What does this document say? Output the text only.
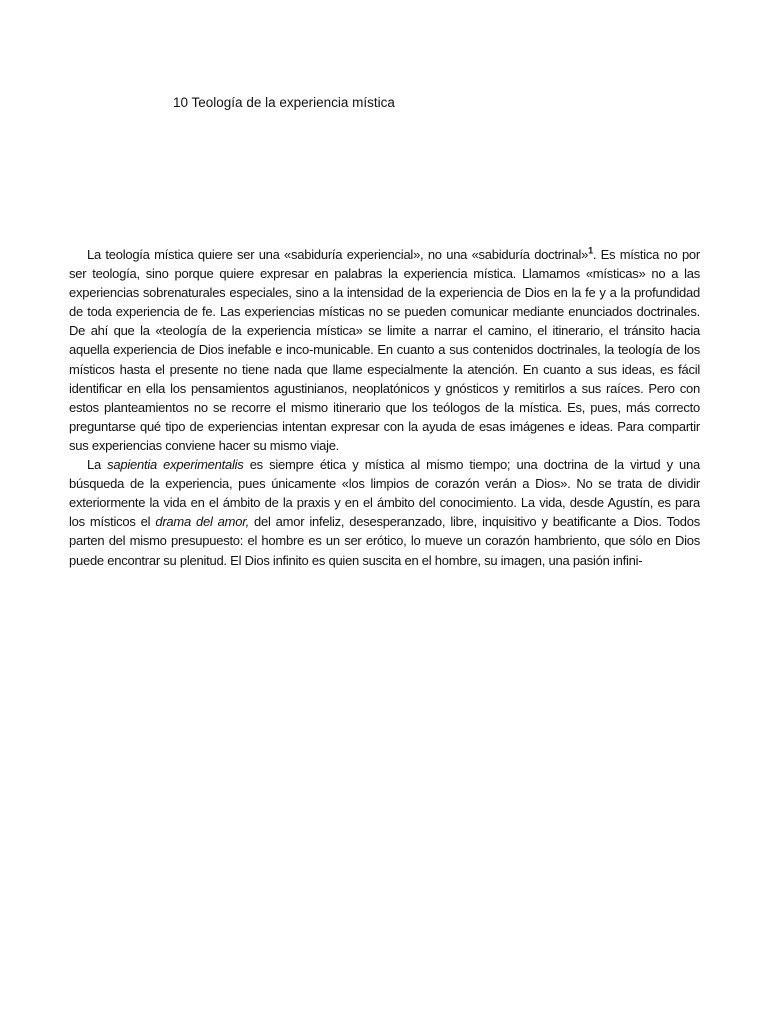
10 Teología de la experiencia mística

La teología mística quiere ser una «sabiduría experiencial», no una «sabiduría doctrinal»$^1$. Es mística no por ser teología, sino porque quiere expresar en palabras la experiencia mística. Llamamos «místicas» no a las experiencias sobrenaturales especiales, sino a la intensidad de la experiencia de Dios en la fe y a la profundidad de toda experiencia de fe. Las experiencias místicas no se pueden comunicar mediante enunciados doctrinales. De ahí que la «teología de la experiencia mística» se limite a narrar el camino, el itinerario, el tránsito hacia aquella experiencia de Dios inefable e inco-municable. En cuanto a sus contenidos doctrinales, la teología de los místicos hasta el presente no tiene nada que llame especialmente la atención. En cuanto a sus ideas, es fácil identificar en ella los pensamientos agustinianos, neoplatónicos y gnósticos y remitirlos a sus raíces. Pero con estos planteamientos no se recorre el mismo itinerario que los teólogos de la mística. Es, pues, más correcto preguntarse qué tipo de experiencias intentan expresar con la ayuda de esas imágenes e ideas. Para compartir sus experiencias conviene hacer su mismo viaje.

La sapientia experimentalis es siempre ética y mística al mismo tiempo; una doctrina de la virtud y una búsqueda de la experiencia, pues únicamente «los limpios de corazón verán a Dios». No se trata de dividir exteriormente la vida en el ámbito de la praxis y en el ámbito del conocimiento. La vida, desde Agustín, es para los místicos el drama del amor, del amor infeliz, desesperanzado, libre, inquisitivo y beatificante a Dios. Todos parten del mismo presupuesto: el hombre es un ser erótico, lo mueve un corazón hambriento, que sólo en Dios puede encontrar su plenitud. El Dios infinito es quien suscita en el hombre, su imagen, una pasión infini-
